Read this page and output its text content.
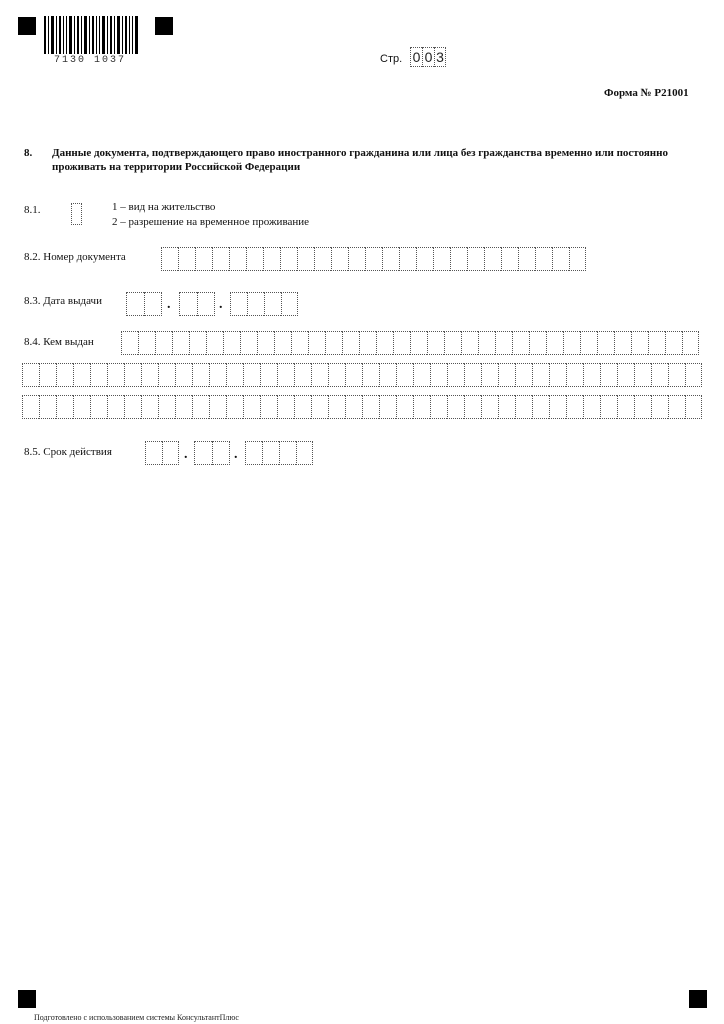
7130 1037	Стр. 0 0 3
Форма № Р21001
8. Данные документа, подтверждающего право иностранного гражданина или лица без гражданства временно или постоянно проживать на территории Российской Федерации
8.1.	1 – вид на жительство
2 – разрешение на временное проживание
8.2. Номер документа
8.3. Дата выдачи	.	.
8.4. Кем выдан
8.5. Срок действия	.	.
Подготовлено с использованием системы КонсультантПлюс
